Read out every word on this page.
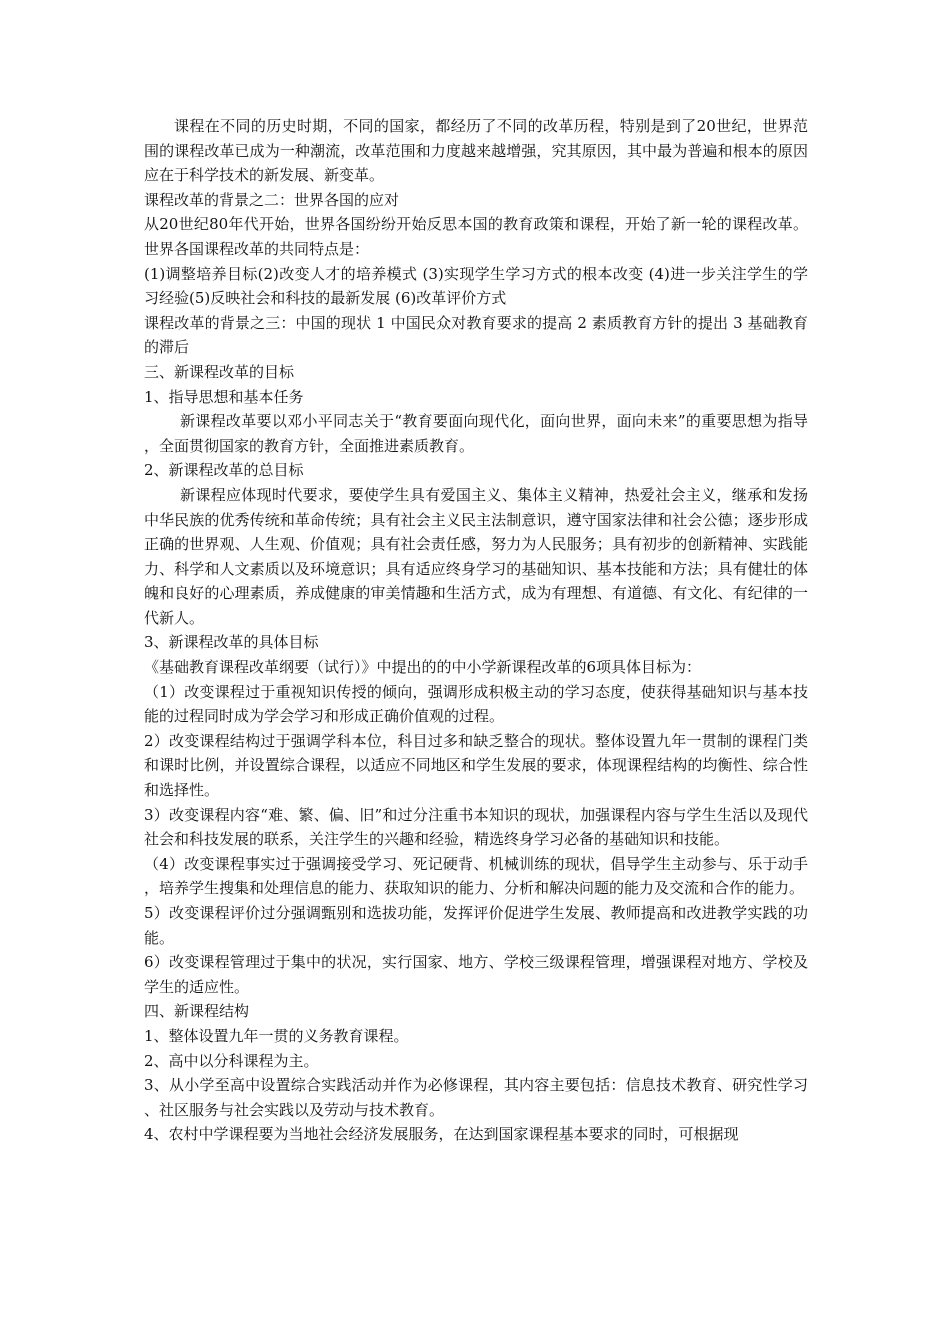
课程在不同的历史时期，不同的国家，都经历了不同的改革历程，特别是到了20世纪，世界范围的课程改革已成为一种潮流，改革范围和力度越来越增强，究其原因，其中最为普遍和根本的原因应在于科学技术的新发展、新变革。

课程改革的背景之二：世界各国的应对

从20世纪80年代开始，世界各国纷纷开始反思本国的教育政策和课程，开始了新一轮的课程改革。世界各国课程改革的共同特点是：

(1)调整培养目标(2)改变人才的培养模式 (3)实现学生学习方式的根本改变 (4)进一步关注学生的学习经验(5)反映社会和科技的最新发展 (6)改革评价方式

课程改革的背景之三：中国的现状 1 中国民众对教育要求的提高 2 素质教育方针的提出 3 基础教育的滞后

三、新课程改革的目标

1、指导思想和基本任务

新课程改革要以邓小平同志关于“教育要面向现代化，面向世界，面向未来”的重要思想为指导，全面贯彻国家的教育方针，全面推进素质教育。

2、新课程改革的总目标

新课程应体现时代要求，要使学生具有爱国主义、集体主义精神，热爱社会主义，继承和发扬中华民族的优秀传统和革命传统；具有社会主义民主法制意识，遵守国家法律和社会公德；逐步形成正确的世界观、人生观、价值观；具有社会责任感，努力为人民服务；具有初步的创新精神、实践能力、科学和人文素质以及环境意识；具有适应终身学习的基础知识、基本技能和方法；具有健壮的体魄和良好的心理素质，养成健康的审美情趣和生活方式，成为有理想、有道德、有文化、有纪律的一代新人。

3、新课程改革的具体目标

《基础教育课程改革纲要（试行）》中提出的的中小学新课程改革的6项具体目标为：

（1）改变课程过于重视知识传授的倾向，强调形成积极主动的学习态度，使获得基础知识与基本技能的过程同时成为学会学习和形成正确价值观的过程。

2）改变课程结构过于强调学科本位，科目过多和缺乏整合的现状。整体设置九年一贯制的课程门类和课时比例，并设置综合课程，以适应不同地区和学生发展的要求，体现课程结构的均衡性、综合性和选择性。

3）改变课程内容“难、繁、偏、旧”和过分注重书本知识的现状，加强课程内容与学生生活以及现代社会和科技发展的联系，关注学生的兴趣和经验，精选终身学习必备的基础知识和技能。

（4）改变课程事实过于强调接受学习、死记硬背、机械训练的现状，倡导学生主动参与、乐于动手，培养学生搜集和处理信息的能力、获取知识的能力、分析和解决问题的能力及交流和合作的能力。

5）改变课程评价过分强调甄别和选拔功能，发挥评价促进学生发展、教师提高和改进教学实践的功能。

6）改变课程管理过于集中的状况，实行国家、地方、学校三级课程管理，增强课程对地方、学校及学生的适应性。

四、新课程结构

1、整体设置九年一贯的义务教育课程。

2、高中以分科课程为主。

3、从小学至高中设置综合实践活动并作为必修课程，其内容主要包括：信息技术教育、研究性学习、社区服务与社会实践以及劳动与技术教育。

4、农村中学课程要为当地社会经济发展服务，在达到国家课程基本要求的同时，可根据现
